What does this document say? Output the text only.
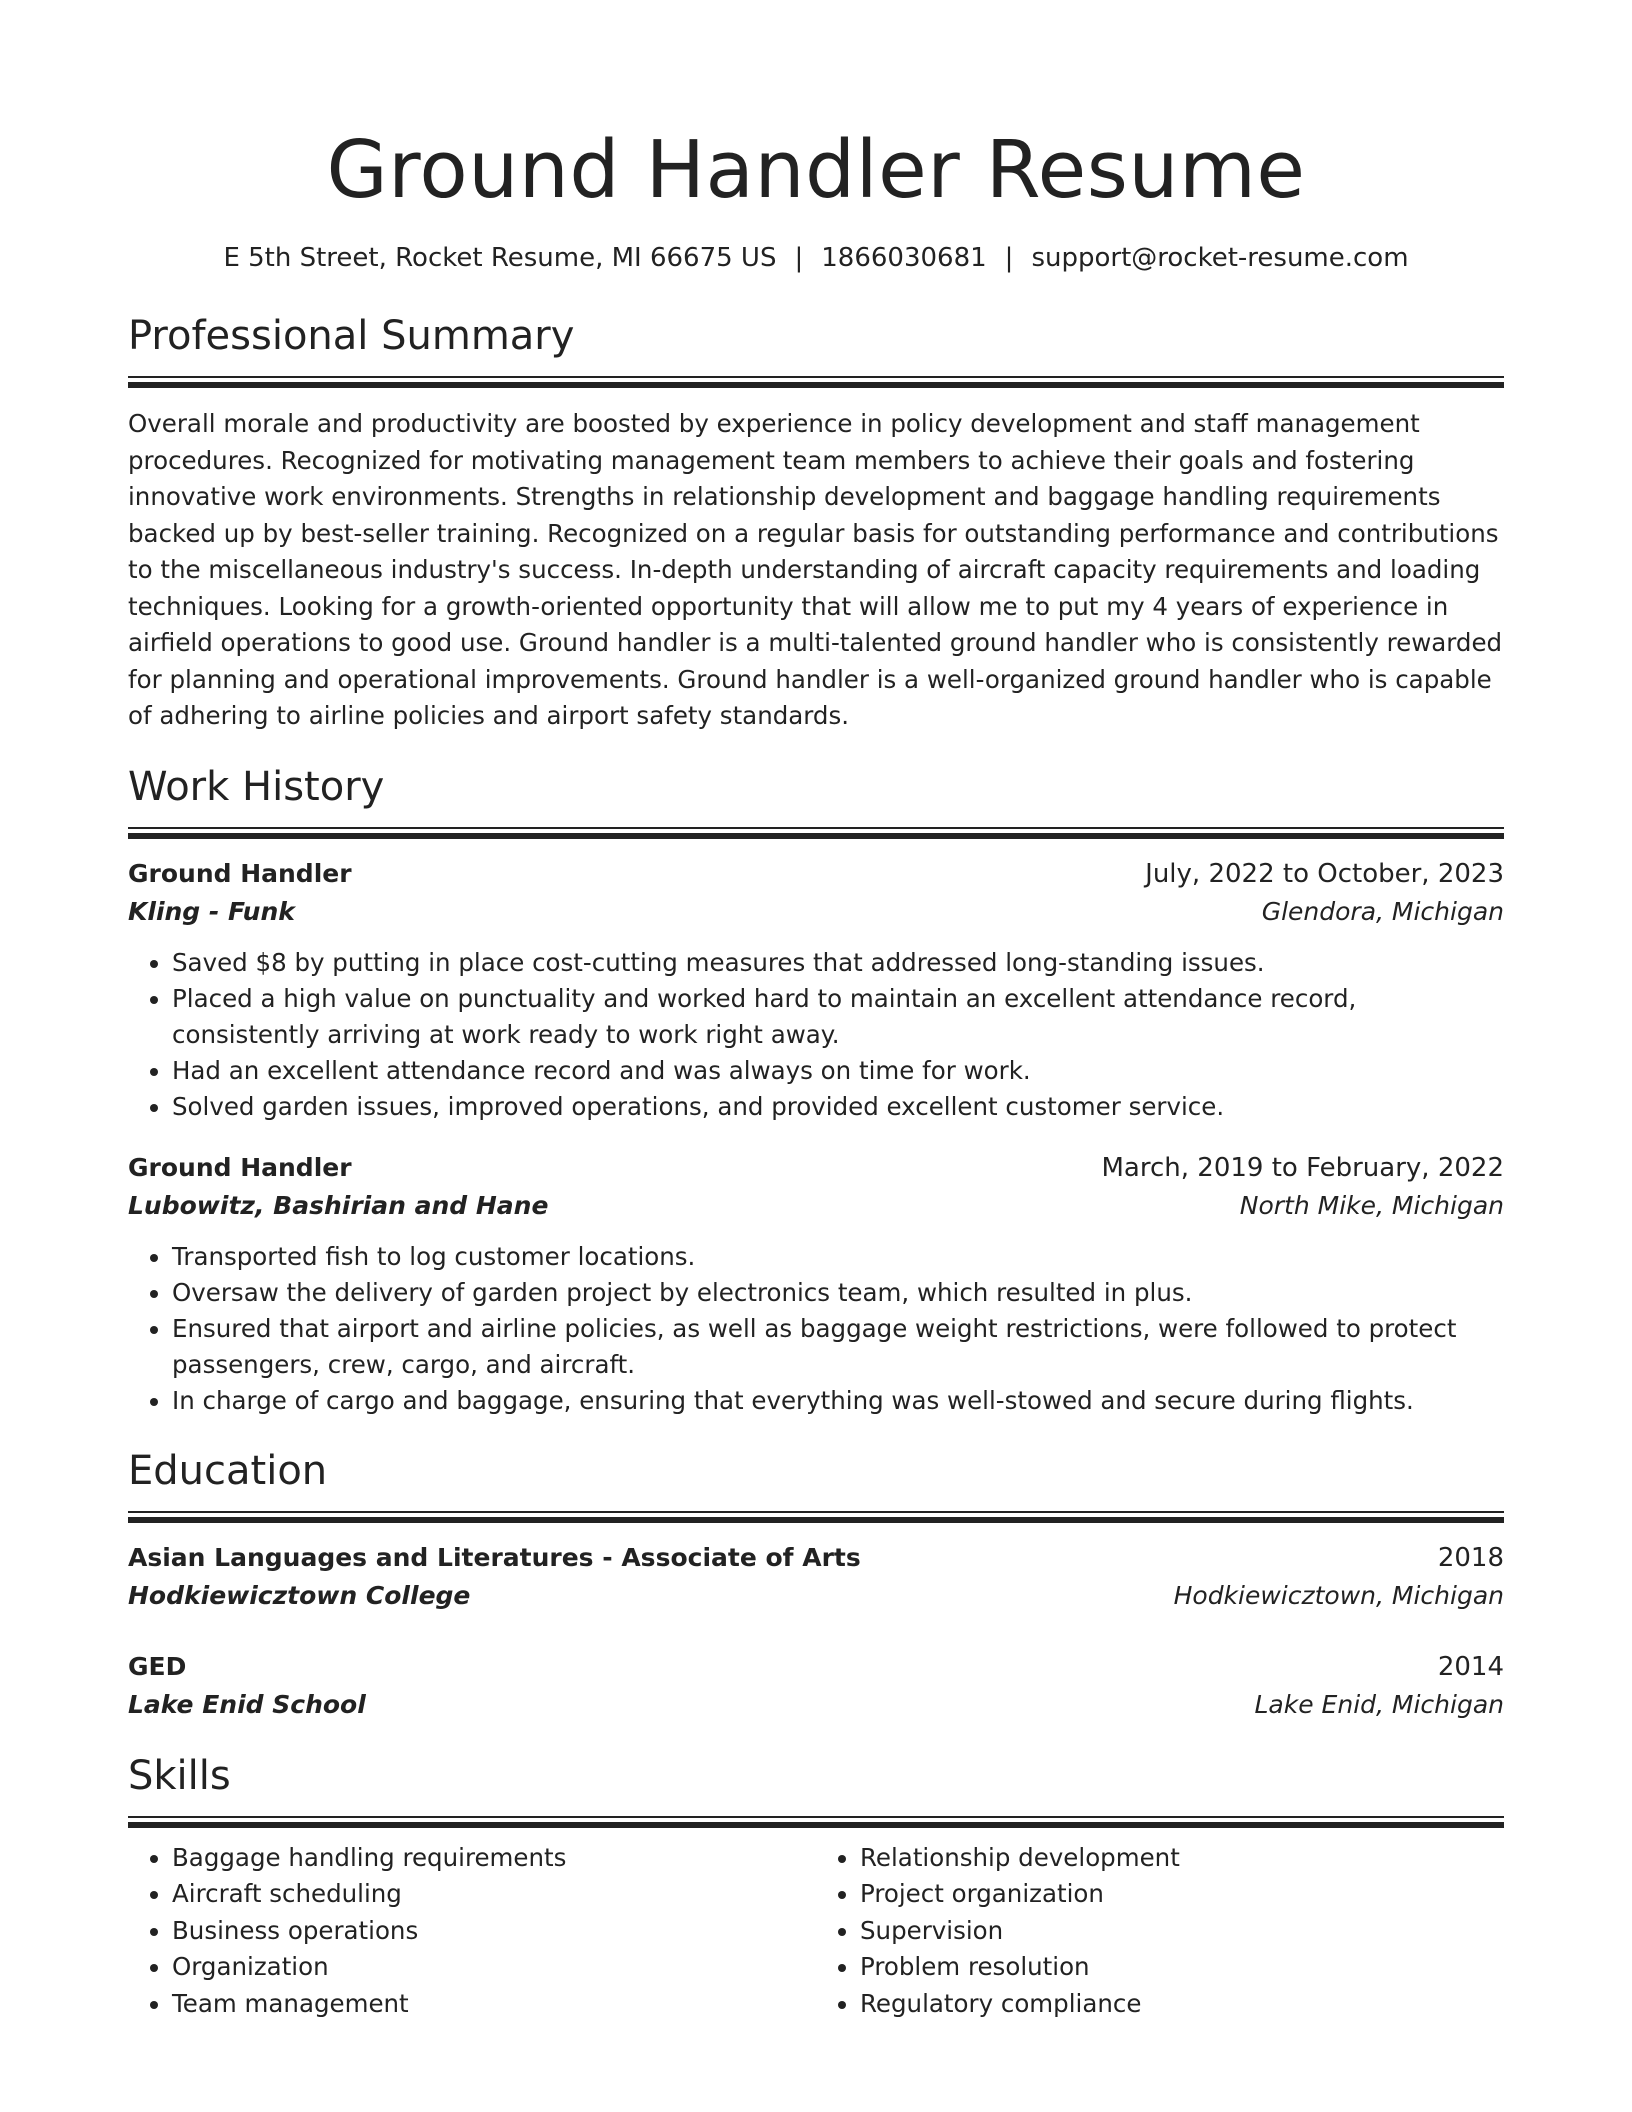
Ground Handler Resume
E 5th Street, Rocket Resume, MI 66675 US | 1866030681 | support@rocket-resume.com
Professional Summary

Overall morale and productivity are boosted by experience in policy development and staff management procedures. Recognized for motivating management team members to achieve their goals and fostering innovative work environments. Strengths in relationship development and baggage handling requirements backed up by best-seller training. Recognized on a regular basis for outstanding performance and contributions to the miscellaneous industry's success. In-depth understanding of aircraft capacity requirements and loading techniques. Looking for a growth-oriented opportunity that will allow me to put my 4 years of experience in airfield operations to good use. Ground handler is a multi-talented ground handler who is consistently rewarded for planning and operational improvements. Ground handler is a well-organized ground handler who is capable of adhering to airline policies and airport safety standards.

Work History
Ground Handler	July, 2022 to October, 2023
Kling - Funk	Glendora, Michigan
• Saved $8 by putting in place cost-cutting measures that addressed long-standing issues.
• Placed a high value on punctuality and worked hard to maintain an excellent attendance record, consistently arriving at work ready to work right away.
• Had an excellent attendance record and was always on time for work.
• Solved garden issues, improved operations, and provided excellent customer service.
Ground Handler	March, 2019 to February, 2022
Lubowitz, Bashirian and Hane	North Mike, Michigan
• Transported fish to log customer locations.
• Oversaw the delivery of garden project by electronics team, which resulted in plus.
• Ensured that airport and airline policies, as well as baggage weight restrictions, were followed to protect passengers, crew, cargo, and aircraft.
• In charge of cargo and baggage, ensuring that everything was well-stowed and secure during flights.
Education
Asian Languages and Literatures - Associate of Arts	2018
Hodkiewicztown College	Hodkiewicztown, Michigan
GED	2014
Lake Enid School	Lake Enid, Michigan
Skills
• Baggage handling requirements
• Aircraft scheduling
• Business operations
• Organization
• Team management
• Relationship development
• Project organization
• Supervision
• Problem resolution
• Regulatory compliance
